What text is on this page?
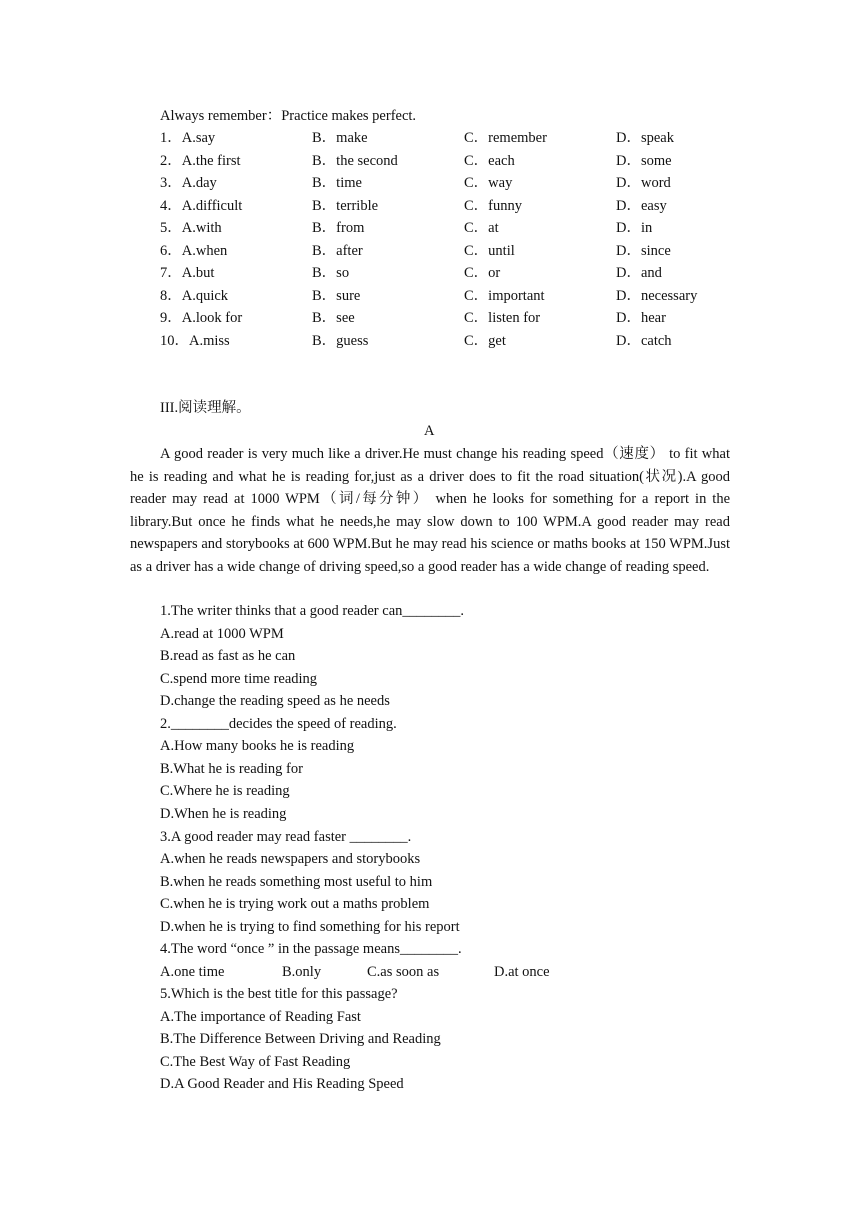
Always remember：Practice makes perfect.
1．A.say	B．make	C．remember	D．speak
2．A.the first	B．the second	C．each	D．some
3．A.day	B．time	C．way	D．word
4．A.difficult	B．terrible	C．funny	D．easy
5．A.with	B．from	C．at	D．in
6．A.when	B．after	C．until	D．since
7．A.but	B．so	C．or	D．and
8．A.quick	B．sure	C．important	D．necessary
9．A.look for	B．see	C．listen for	D．hear
10．A.miss	B．guess	C．get	D．catch
III.阅读理解。
A

A good reader is very much like a driver.He must change his reading speed（速度） to fit what he is reading and what he is reading for,just as a driver does to fit the road situation(状况).A good reader may read at 1000 WPM（词/每分钟） when he looks for something for a report in the library.But once he finds what he needs,he may slow down to 100 WPM.A good reader may read newspapers and storybooks at 600 WPM.But he may read his science or maths books at 150 WPM.Just as a driver has a wide change of driving speed,so a good reader has a wide change of reading speed.

1.The writer thinks that a good reader can________.
A.read at 1000 WPM
B.read as fast as he can
C.spend more time reading
D.change the reading speed as he needs
2.________decides the speed of reading.
A.How many books he is reading
B.What he is reading for
C.Where he is reading
D.When he is reading
3.A good reader may read faster ________.
A.when he reads newspapers and storybooks
B.when he reads something most useful to him
C.when he is trying work out a maths problem
D.when he is trying to find something for his report
4.The word “once ” in the passage means________.
A.one time	B.only	C.as soon as	D.at once
5.Which is the best title for this passage?
A.The importance of Reading Fast
B.The Difference Between Driving and Reading
C.The Best Way of Fast Reading
D.A Good Reader and His Reading Speed
